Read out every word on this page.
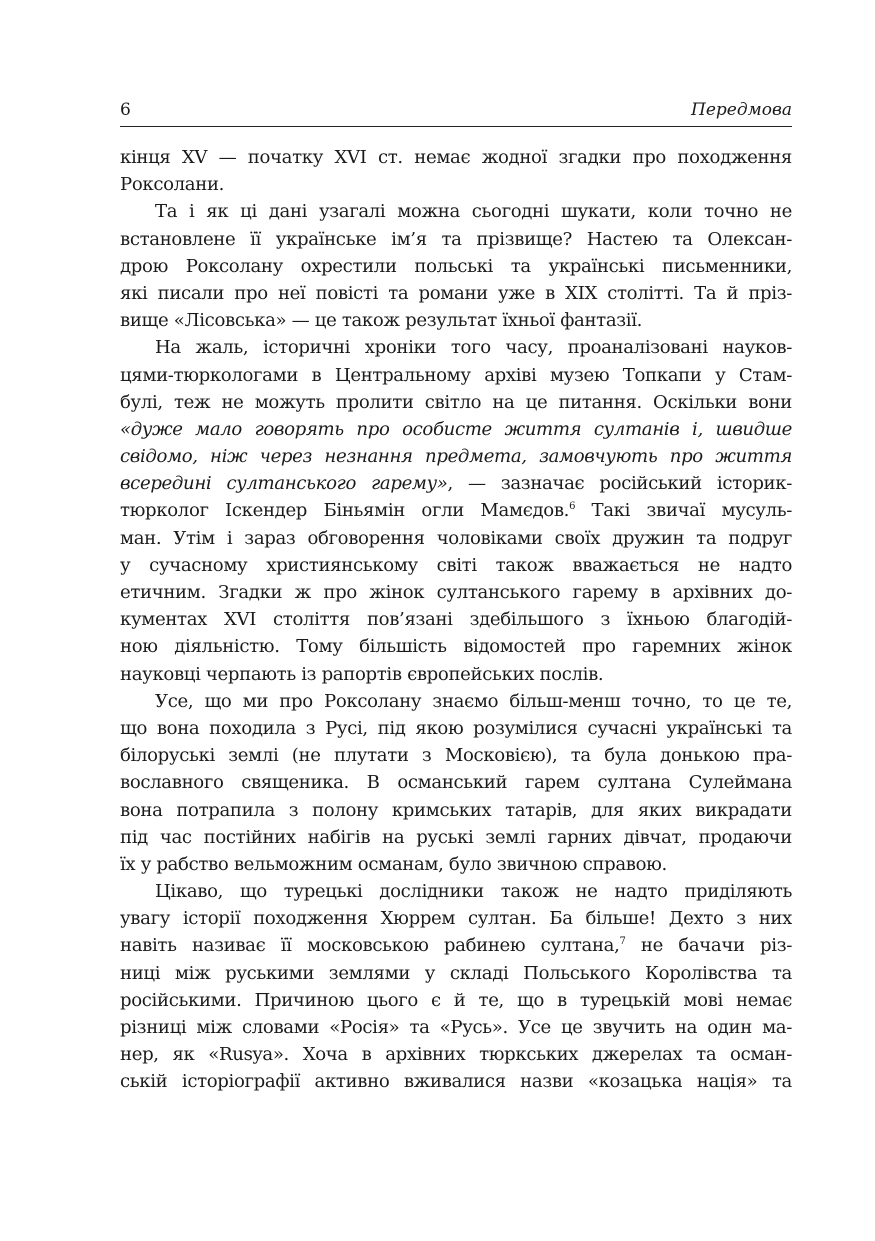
6	Передмова
кінця XV — початку XVI ст. немає жодної згадки про походження
Роксолани.
Та і як ці дані узагалі можна сьогодні шукати, коли точно не
встановлене її українське ім’я та прізвище? Настею та Олексан-
дрою Роксолану охрестили польські та українські письменники,
які писали про неї повісті та романи уже в XIX столітті. Та й пріз-
вище «Лісовська» — це також результат їхньої фантазії.
На жаль, історичні хроніки того часу, проаналізовані науков-
цями-тюркологами в Центральному архіві музею Топкапи у Стам-
булі, теж не можуть пролити світло на це питання. Оскільки вони
«дуже мало говорять про особисте життя султанів і, швидше
свідомо, ніж через незнання предмета, замовчують про життя
всередині султанського гарему», — зазначає російський історик-
тюрколог Іскендер Біньямін огли Мамєдов.$^6$ Такі звичаї мусуль-
ман. Утім і зараз обговорення чоловіками своїх дружин та подруг
у сучасному християнському світі також вважається не надто
етичним. Згадки ж про жінок султанського гарему в архівних до-
кументах XVI століття пов’язані здебільшого з їхньою благодій-
ною діяльністю. Тому більшість відомостей про гаремних жінок
науковці черпають із рапортів європейських послів.
Усе, що ми про Роксолану знаємо більш-менш точно, то це те,
що вона походила з Русі, під якою розумілися сучасні українські та
білоруські землі (не плутати з Московією), та була донькою пра-
вославного священика. В османський гарем султана Сулеймана
вона потрапила з полону кримських татарів, для яких викрадати
під час постійних набігів на руські землі гарних дівчат, продаючи
їх у рабство вельможним османам, було звичною справою.
Цікаво, що турецькі дослідники також не надто приділяють
увагу історії походження Хюррем султан. Ба більше! Дехто з них
навіть називає її московською рабинею султана,$^7$ не бачачи різ-
ниці між руськими землями у складі Польського Королівства та
російськими. Причиною цього є й те, що в турецькій мові немає
різниці між словами «Росія» та «Русь». Усе це звучить на один ма-
нер, як «Rusya». Хоча в архівних тюркських джерелах та осман-
ській історіографії активно вживалися назви «козацька нація» та
